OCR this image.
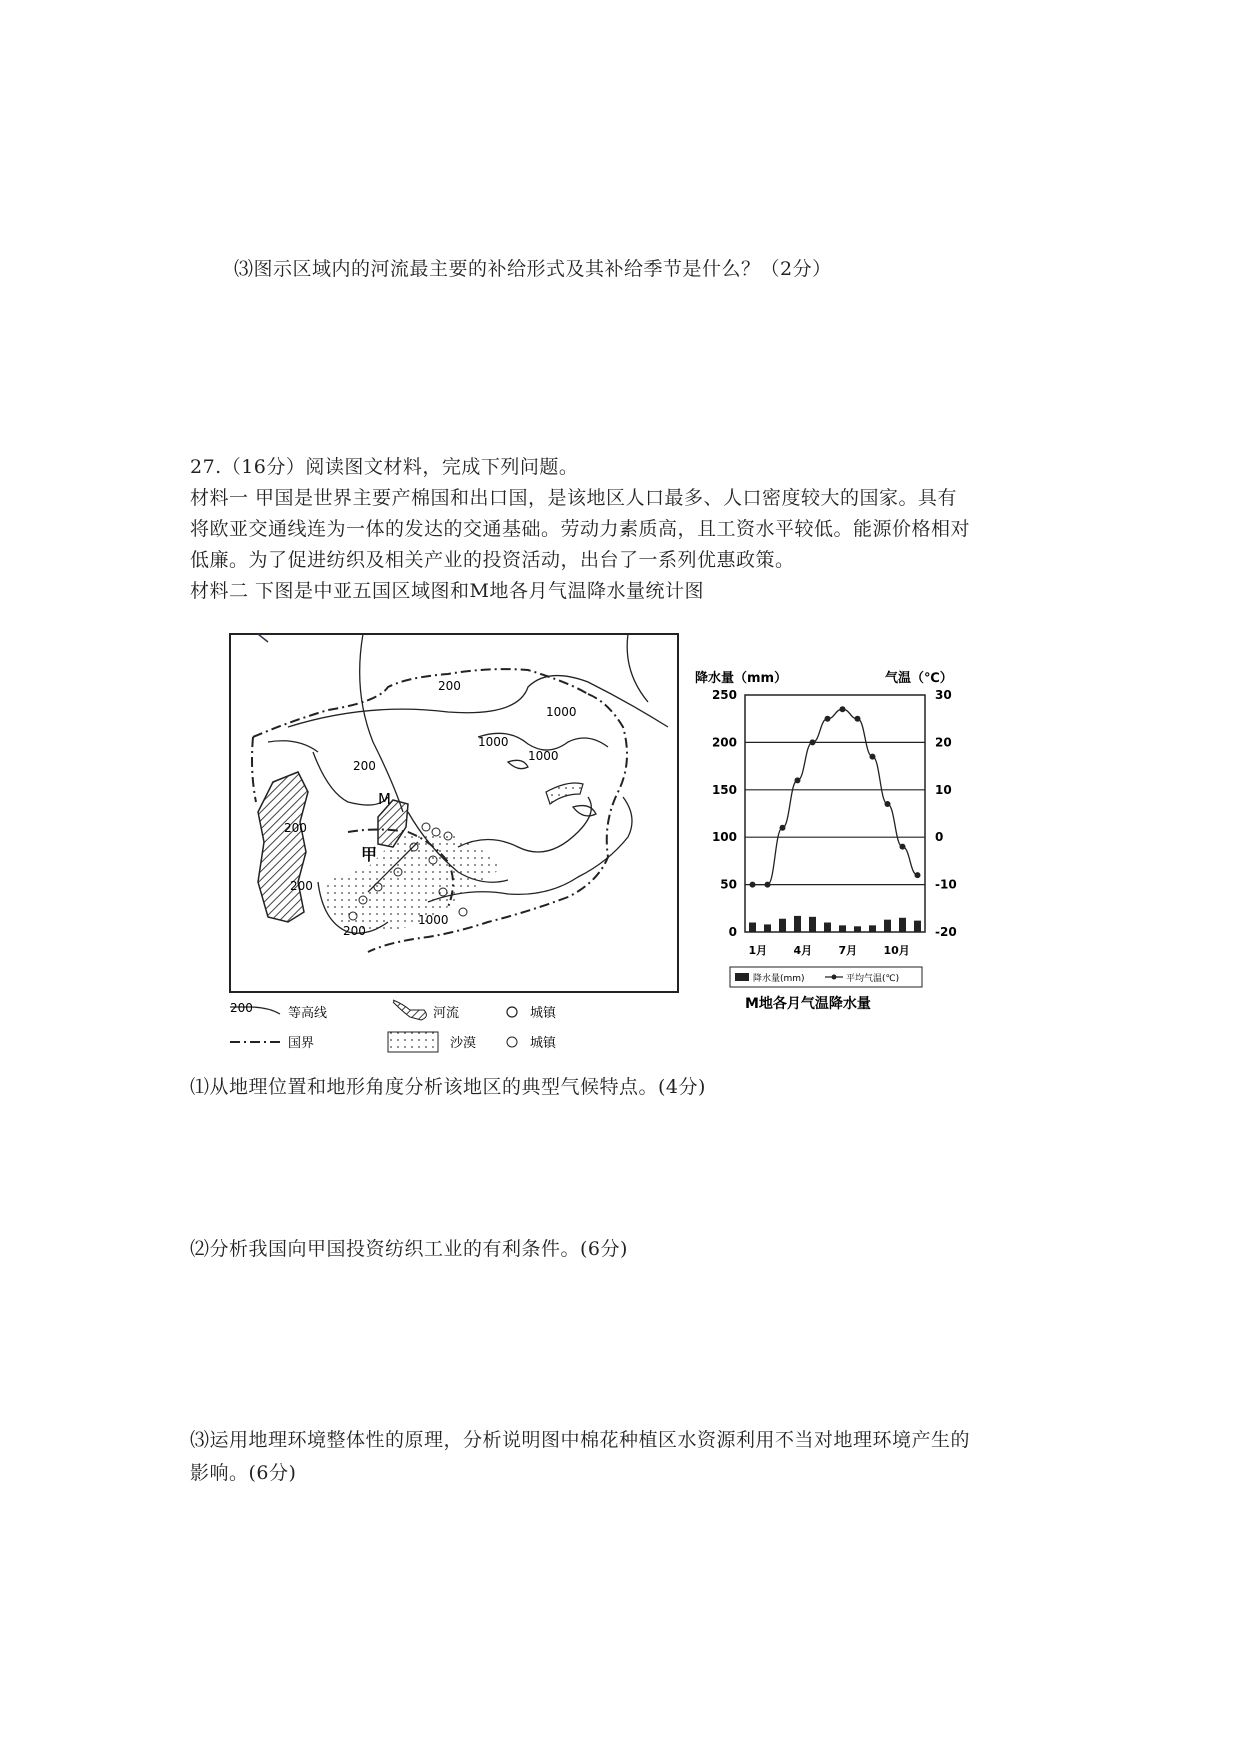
⑶图示区域内的河流最主要的补给形式及其补给季节是什么？（2分）
27.（16分）阅读图文材料，完成下列问题。
材料一 甲国是世界主要产棉国和出口国，是该地区人口最多、人口密度较大的国家。具有
将欧亚交通线连为一体的发达的交通基础。劳动力素质高，且工资水平较低。能源价格相对
低廉。为了促进纺织及相关产业的投资活动，出台了一系列优惠政策。
材料二 下图是中亚五国区域图和M地各月气温降水量统计图
200
1000
1000
1000
200
200
200
200
1000
M
甲
200	等高线	河流	城镇
国界	沙漠	城镇
降水量（mm）	气温（℃）
250
200
150
100
50
0
30
20
10
0
-10
-20
1月 4月 7月 10月
降水量(mm)	平均气温(℃)
M地各月气温降水量
⑴从地理位置和地形角度分析该地区的典型气候特点。(4分)
⑵分析我国向甲国投资纺织工业的有利条件。(6分)
⑶运用地理环境整体性的原理，分析说明图中棉花种植区水资源利用不当对地理环境产生的
影响。(6分)
